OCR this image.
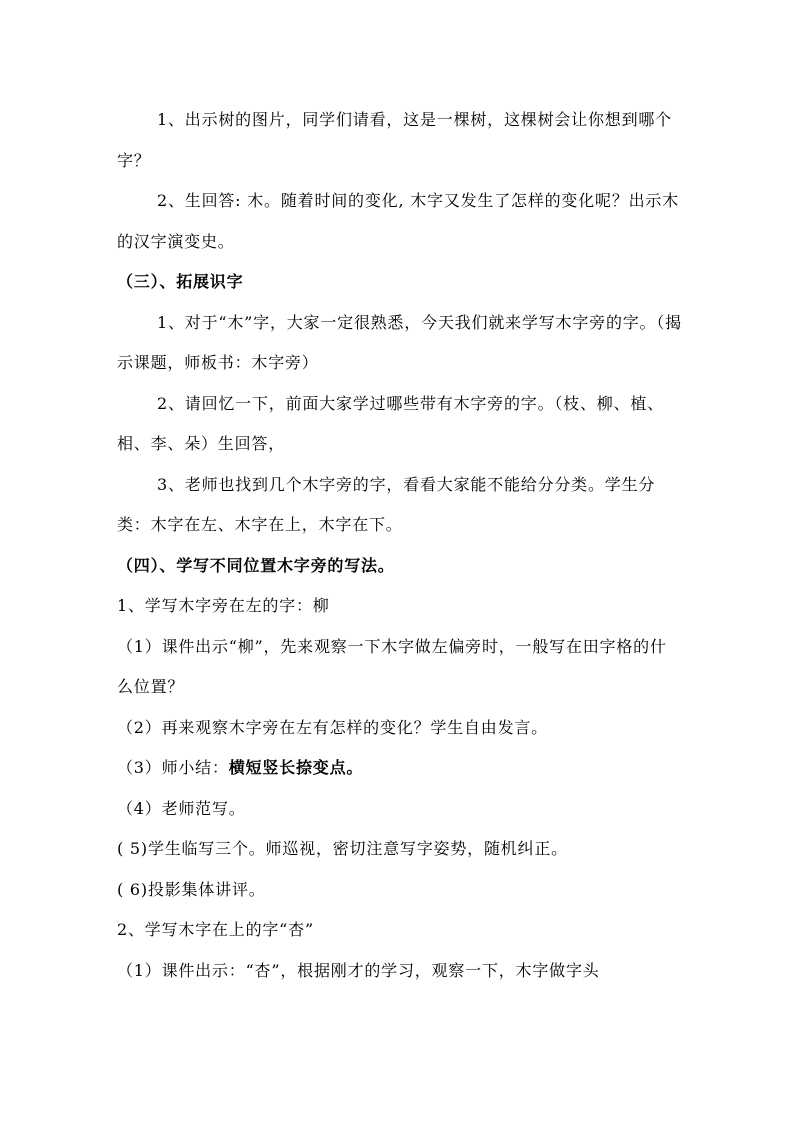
1、出示树的图片，同学们请看，这是一棵树，这棵树会让你想到哪个字？

2、生回答: 木。随着时间的变化, 木字又发生了怎样的变化呢？出示木的汉字演变史。

（三）、拓展识字

1、对于“木”字，大家一定很熟悉，今天我们就来学写木字旁的字。（揭示课题，师板书：木字旁）

2、请回忆一下，前面大家学过哪些带有木字旁的字。（枝、柳、植、相、李、朵）生回答，

3、老师也找到几个木字旁的字，看看大家能不能给分分类。学生分类：木字在左、木字在上，木字在下。

（四）、学写不同位置木字旁的写法。

1、学写木字旁在左的字：柳

（1）课件出示“柳”，先来观察一下木字做左偏旁时，一般写在田字格的什么位置？

（2）再来观察木字旁在左有怎样的变化？学生自由发言。

（3）师小结：横短竖长捺变点。

（4）老师范写。

( 5)学生临写三个。师巡视，密切注意写字姿势，随机纠正。

( 6)投影集体讲评。

2、学写木字在上的字“杏”

（1）课件出示：“杏”，根据刚才的学习，观察一下，木字做字头
